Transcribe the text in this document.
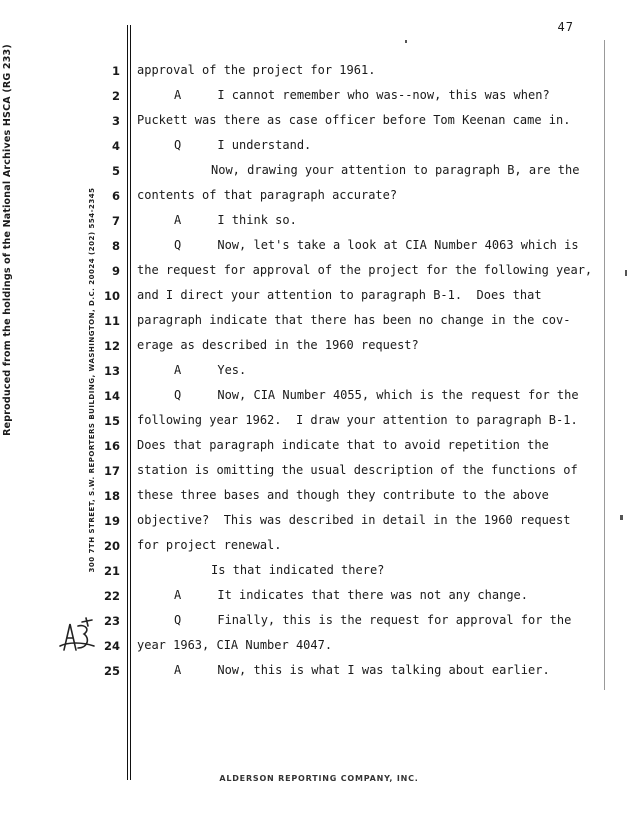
47
Reproduced from the holdings of the National Archives HSCA (RG 233)	300 7TH STREET, S.W. REPORTERS BUILDING, WASHINGTON, D.C. 20024 (202) 554-2345
1 approval of the project for 1961.
2	A     I cannot remember who was--now, this was when?
3 Puckett was there as case officer before Tom Keenan came in.
4	Q     I understand.
5	Now, drawing your attention to paragraph B, are the
6 contents of that paragraph accurate?
7	A     I think so.
8	Q     Now, let's take a look at CIA Number 4063 which is
9 the request for approval of the project for the following year,
10 and I direct your attention to paragraph B-1.  Does that
11 paragraph indicate that there has been no change in the cov-
12 erage as described in the 1960 request?
13	A     Yes.
14	Q     Now, CIA Number 4055, which is the request for the
15 following year 1962.  I draw your attention to paragraph B-1.
16 Does that paragraph indicate that to avoid repetition the
17 station is omitting the usual description of the functions of
18 these three bases and though they contribute to the above
19 objective?  This was described in detail in the 1960 request
20 for project renewal.
21	Is that indicated there?
22	A     It indicates that there was not any change.
23	Q     Finally, this is the request for approval for the
24 year 1963, CIA Number 4047.
25	A     Now, this is what I was talking about earlier.
ALDERSON REPORTING COMPANY, INC.
